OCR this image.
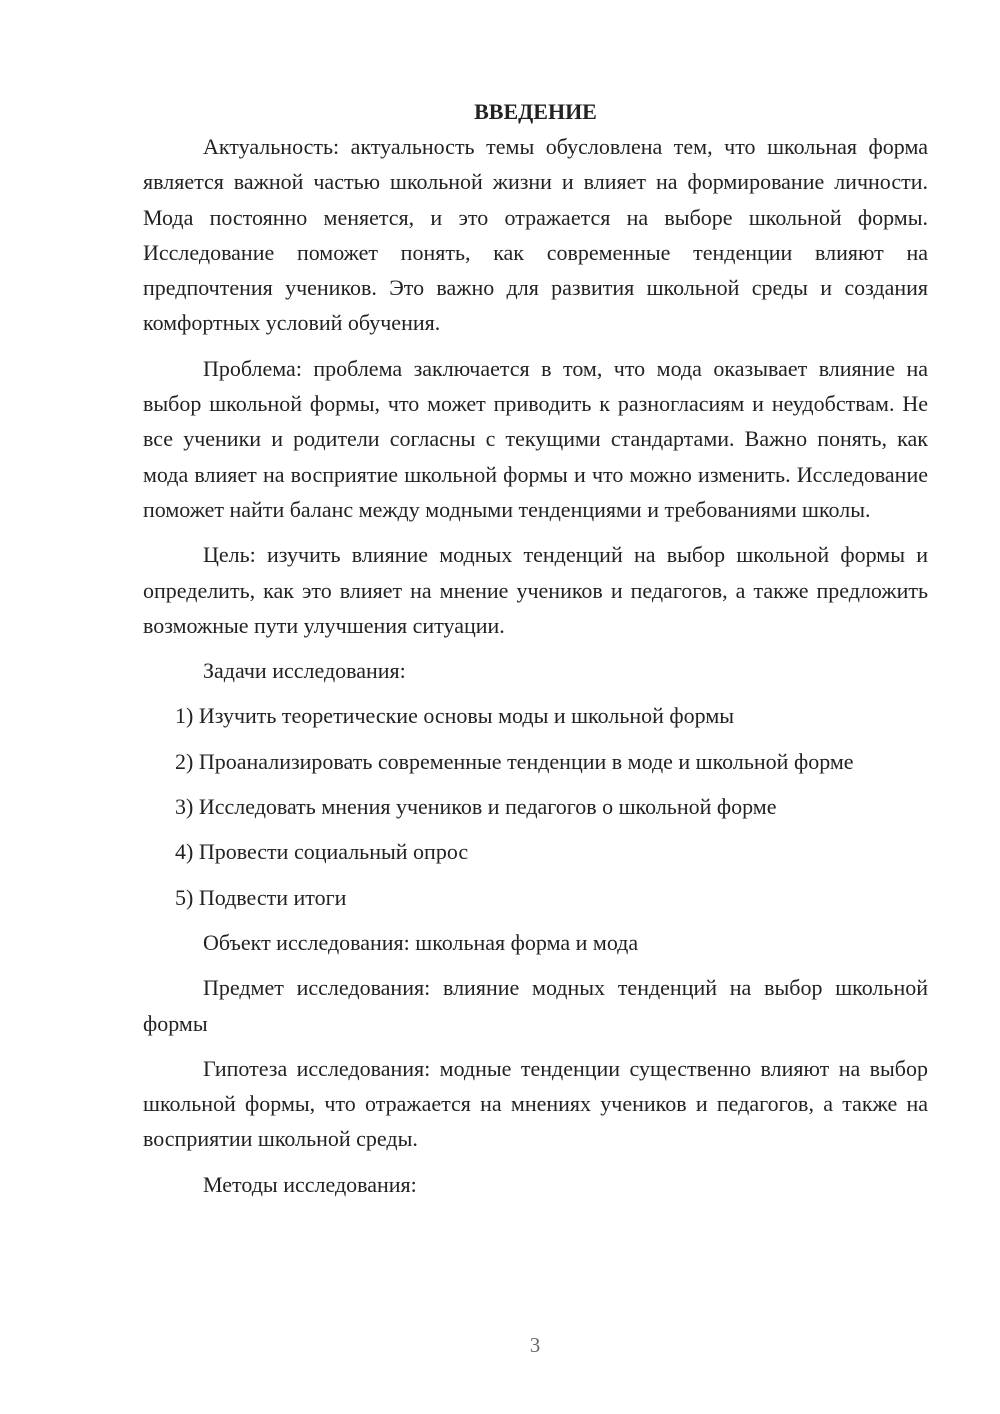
ВВЕДЕНИЕ

Актуальность: актуальность темы обусловлена тем, что школьная форма является важной частью школьной жизни и влияет на формирование личности. Мода постоянно меняется, и это отражается на выборе школьной формы. Исследование поможет понять, как современные тенденции влияют на предпочтения учеников. Это важно для развития школьной среды и создания комфортных условий обучения.

Проблема: проблема заключается в том, что мода оказывает влияние на выбор школьной формы, что может приводить к разногласиям и неудобствам. Не все ученики и родители согласны с текущими стандартами. Важно понять, как мода влияет на восприятие школьной формы и что можно изменить. Исследование поможет найти баланс между модными тенденциями и требованиями школы.

Цель: изучить влияние модных тенденций на выбор школьной формы и определить, как это влияет на мнение учеников и педагогов, а также предложить возможные пути улучшения ситуации.

Задачи исследования:

1) Изучить теоретические основы моды и школьной формы

2) Проанализировать современные тенденции в моде и школьной форме

3) Исследовать мнения учеников и педагогов о школьной форме

4) Провести социальный опрос

5) Подвести итоги

Объект исследования: школьная форма и мода

Предмет исследования: влияние модных тенденций на выбор школьной формы

Гипотеза исследования: модные тенденции существенно влияют на выбор школьной формы, что отражается на мнениях учеников и педагогов, а также на восприятии школьной среды.

Методы исследования:

3
